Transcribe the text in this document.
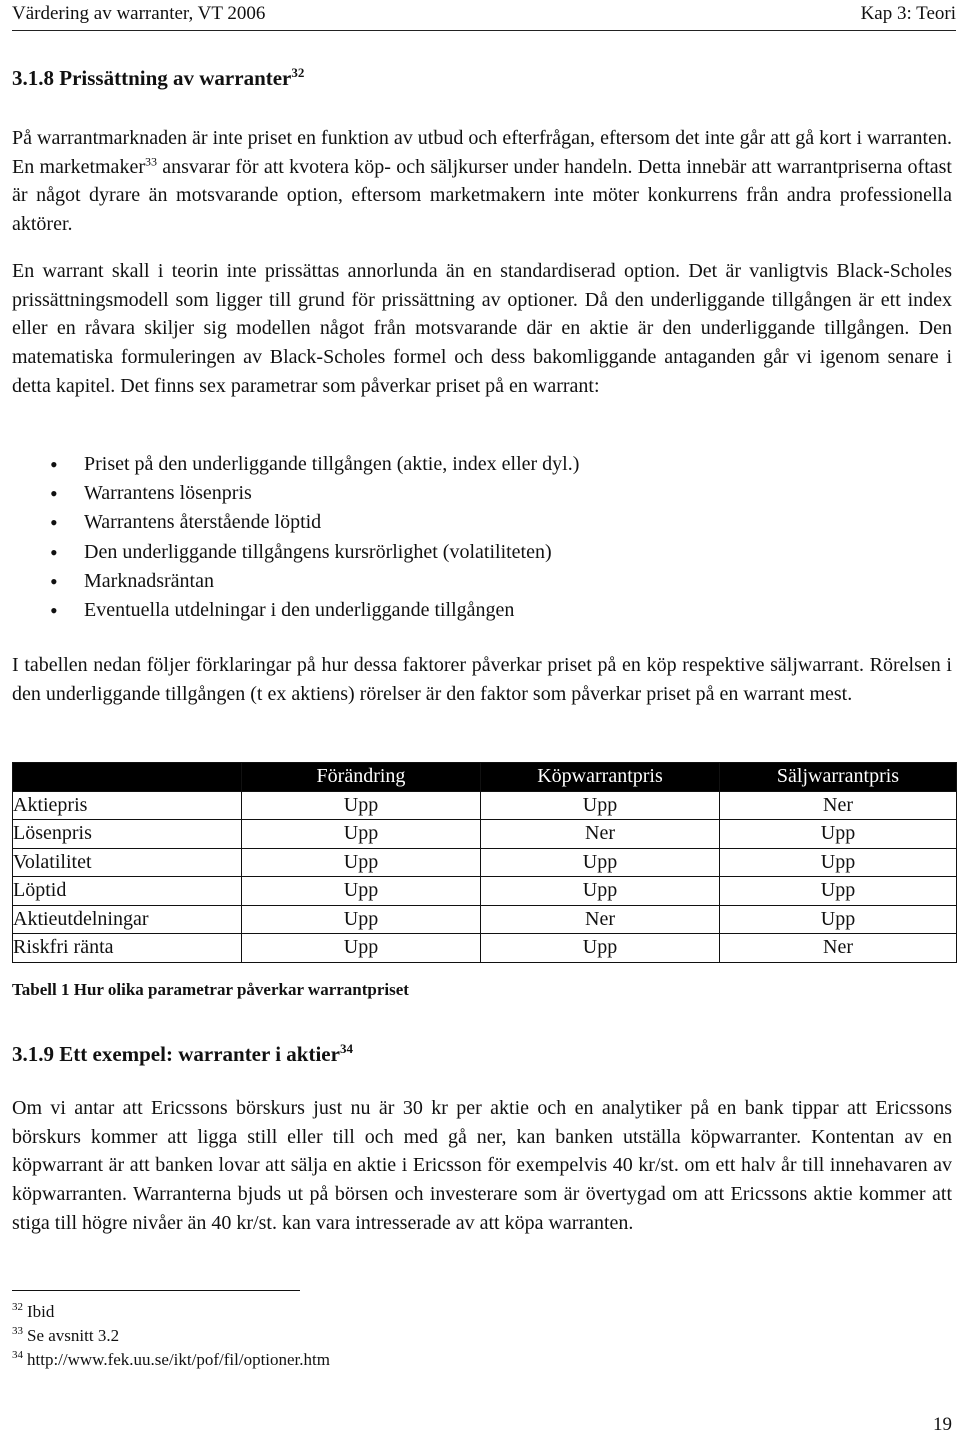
Värdering av warranter, VT 2006	Kap 3: Teori
3.1.8 Prissättning av warranter$^{32}$

På warrantmarknaden är inte priset en funktion av utbud och efterfrågan, eftersom det inte går att gå kort i warranten. En marketmaker$^{33}$ ansvarar för att kvotera köp- och säljkurser under handeln. Detta innebär att warrantpriserna oftast är något dyrare än motsvarande option, eftersom marketmakern inte möter konkurrens från andra professionella aktörer.

En warrant skall i teorin inte prissättas annorlunda än en standardiserad option. Det är vanligtvis Black-Scholes prissättningsmodell som ligger till grund för prissättning av optioner. Då den underliggande tillgången är ett index eller en råvara skiljer sig modellen något från motsvarande där en aktie är den underliggande tillgången. Den matematiska formuleringen av Black-Scholes formel och dess bakomliggande antaganden går vi igenom senare i detta kapitel. Det finns sex parametrar som påverkar priset på en warrant:

• Priset på den underliggande tillgången (aktie, index eller dyl.)
• Warrantens lösenpris
• Warrantens återstående löptid
• Den underliggande tillgångens kursrörlighet (volatiliteten)
• Marknadsräntan
• Eventuella utdelningar i den underliggande tillgången

I tabellen nedan följer förklaringar på hur dessa faktorer påverkar priset på en köp respektive säljwarrant. Rörelsen i den underliggande tillgången (t ex aktiens) rörelser är den faktor som påverkar priset på en warrant mest.

	Förändring	Köpwarrantpris	Säljwarrantpris
Aktiepris	Upp	Upp	Ner
Lösenpris	Upp	Ner	Upp
Volatilitet	Upp	Upp	Upp
Löptid	Upp	Upp	Upp
Aktieutdelningar	Upp	Ner	Upp
Riskfri ränta	Upp	Upp	Ner
Tabell 1 Hur olika parametrar påverkar warrantpriset
3.1.9 Ett exempel: warranter i aktier$^{34}$

Om vi antar att Ericssons börskurs just nu är 30 kr per aktie och en analytiker på en bank tippar att Ericssons börskurs kommer att ligga still eller till och med gå ner, kan banken utställa köpwarranter. Kontentan av en köpwarrant är att banken lovar att sälja en aktie i Ericsson för exempelvis 40 kr/st. om ett halv år till innehavaren av köpwarranten. Warranterna bjuds ut på börsen och investerare som är övertygad om att Ericssons aktie kommer att stiga till högre nivåer än 40 kr/st. kan vara intresserade av att köpa warranten.

$^{32}$ Ibid
$^{33}$ Se avsnitt 3.2
$^{34}$ http://www.fek.uu.se/ikt/pof/fil/optioner.htm
19
